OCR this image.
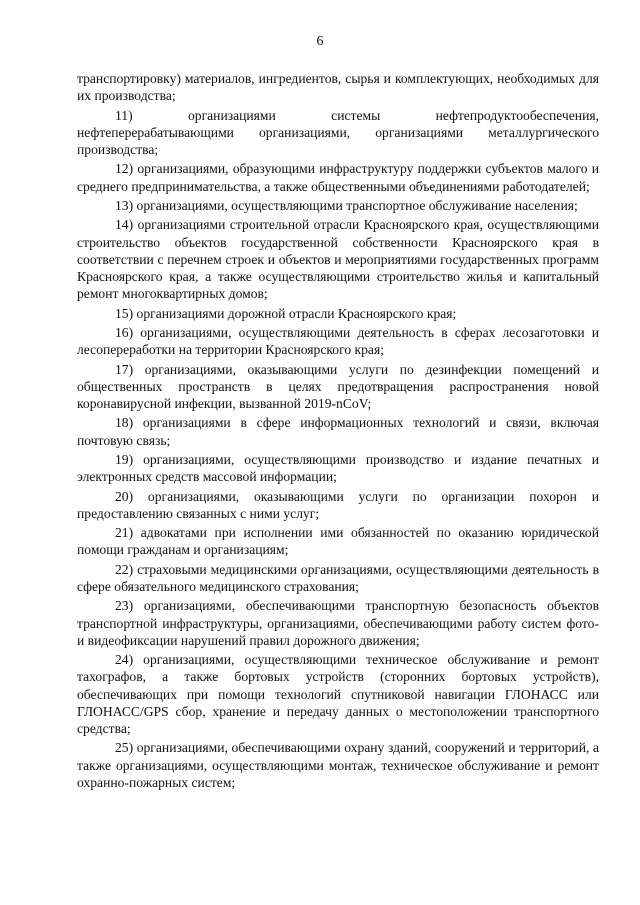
6

транспортировку) материалов, ингредиентов, сырья и комплектующих, необходимых для их производства;

11) организациями системы нефтепродуктообеспечения, нефтеперерабатывающими организациями, организациями металлургического производства;

12) организациями, образующими инфраструктуру поддержки субъектов малого и среднего предпринимательства, а также общественными объединениями работодателей;

13) организациями, осуществляющими транспортное обслуживание населения;

14) организациями строительной отрасли Красноярского края, осуществляющими строительство объектов государственной собственности Красноярского края в соответствии с перечнем строек и объектов и мероприятиями государственных программ Красноярского края, а также осуществляющими строительство жилья и капитальный ремонт многоквартирных домов;

15) организациями дорожной отрасли Красноярского края;

16) организациями, осуществляющими деятельность в сферах лесозаготовки и лесопереработки на территории Красноярского края;

17) организациями, оказывающими услуги по дезинфекции помещений и общественных пространств в целях предотвращения распространения новой коронавирусной инфекции, вызванной 2019-nCoV;

18) организациями в сфере информационных технологий и связи, включая почтовую связь;

19) организациями, осуществляющими производство и издание печатных и электронных средств массовой информации;

20) организациями, оказывающими услуги по организации похорон и предоставлению связанных с ними услуг;

21) адвокатами при исполнении ими обязанностей по оказанию юридической помощи гражданам и организациям;

22) страховыми медицинскими организациями, осуществляющими деятельность в сфере обязательного медицинского страхования;

23) организациями, обеспечивающими транспортную безопасность объектов транспортной инфраструктуры, организациями, обеспечивающими работу систем фото- и видеофиксации нарушений правил дорожного движения;

24) организациями, осуществляющими техническое обслуживание и ремонт тахографов, а также бортовых устройств (сторонних бортовых устройств), обеспечивающих при помощи технологий спутниковой навигации ГЛОНАСС или ГЛОНАСС/GPS сбор, хранение и передачу данных о местоположении транспортного средства;

25) организациями, обеспечивающими охрану зданий, сооружений и территорий, а также организациями, осуществляющими монтаж, техническое обслуживание и ремонт охранно-пожарных систем;
